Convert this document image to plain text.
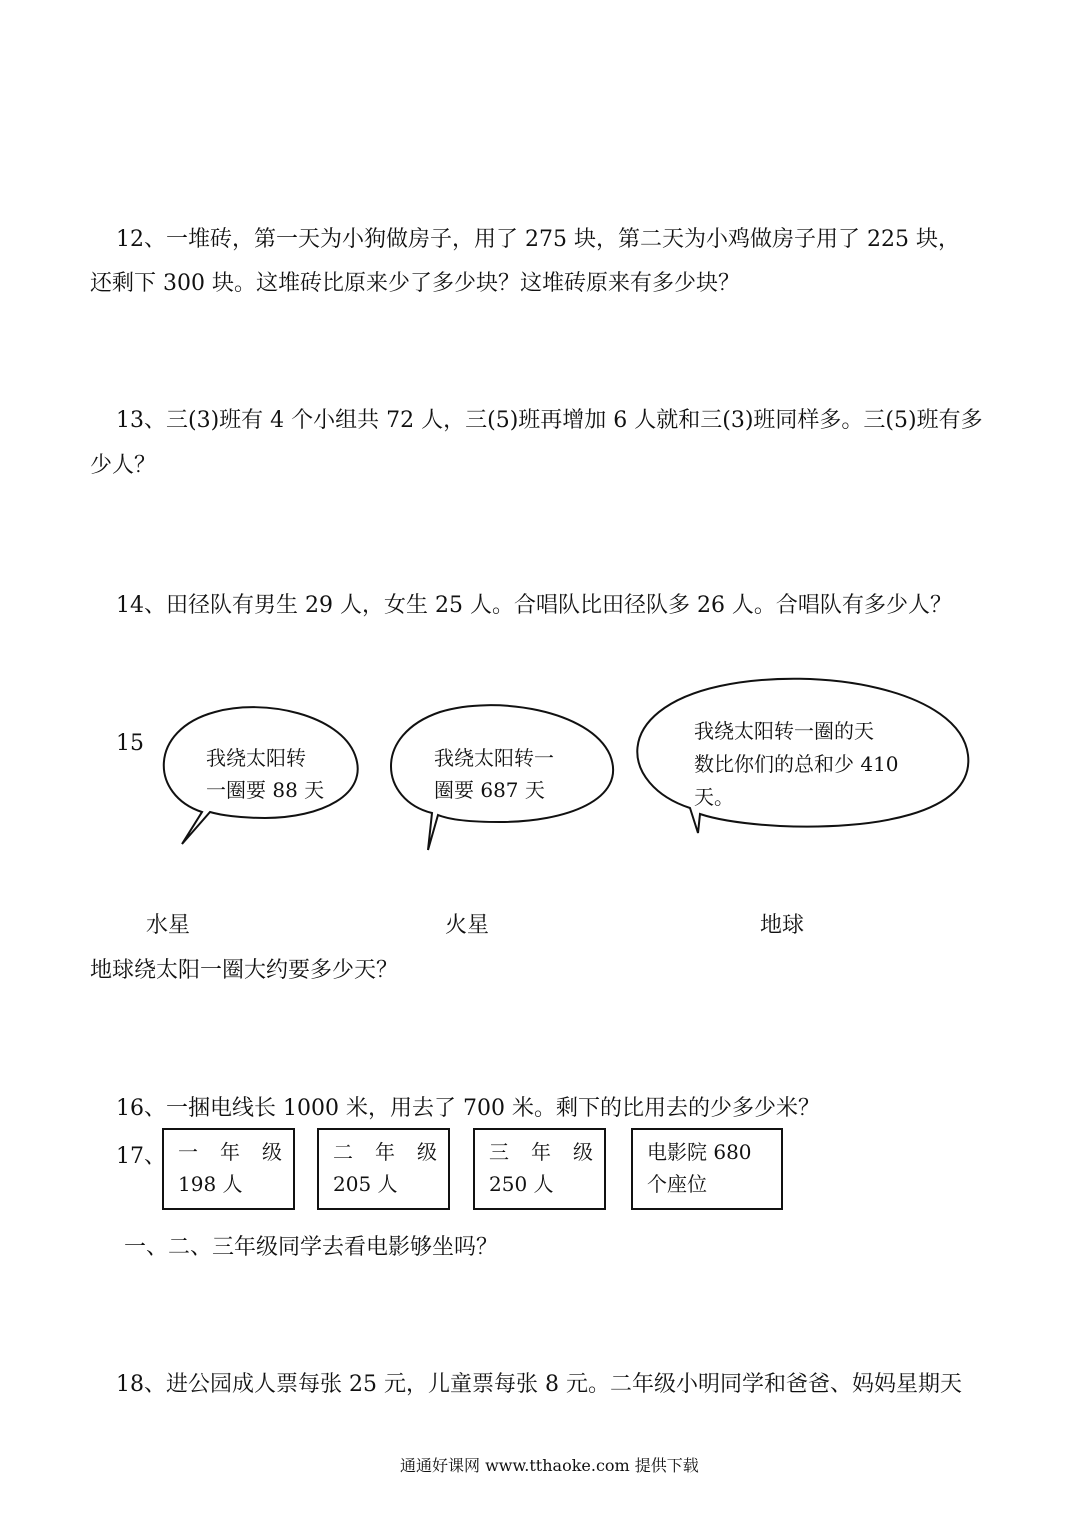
12、一堆砖，第一天为小狗做房子，用了 275 块，第二天为小鸡做房子用了 225 块，
还剩下 300 块。这堆砖比原来少了多少块？这堆砖原来有多少块？
13、三(3)班有 4 个小组共 72 人，三(5)班再增加 6 人就和三(3)班同样多。三(5)班有多
少人？
14、田径队有男生 29 人，女生 25 人。合唱队比田径队多 26 人。合唱队有多少人？
15
我绕太阳转
一圈要 88 天
我绕太阳转一
圈要 687 天
我绕太阳转一圈的天
数比你们的总和少 410
天。
水星	火星	地球
地球绕太阳一圈大约要多少天？
16、一捆电线长 1000 米，用去了 700 米。剩下的比用去的少多少米？
17、 一年级
198 人
二年级
205 人
三年级
250 人
电影院 680
个座位
一、二、三年级同学去看电影够坐吗？
18、进公园成人票每张 25 元，儿童票每张 8 元。二年级小明同学和爸爸、妈妈星期天
通通好课网 www.tthaoke.com 提供下载
